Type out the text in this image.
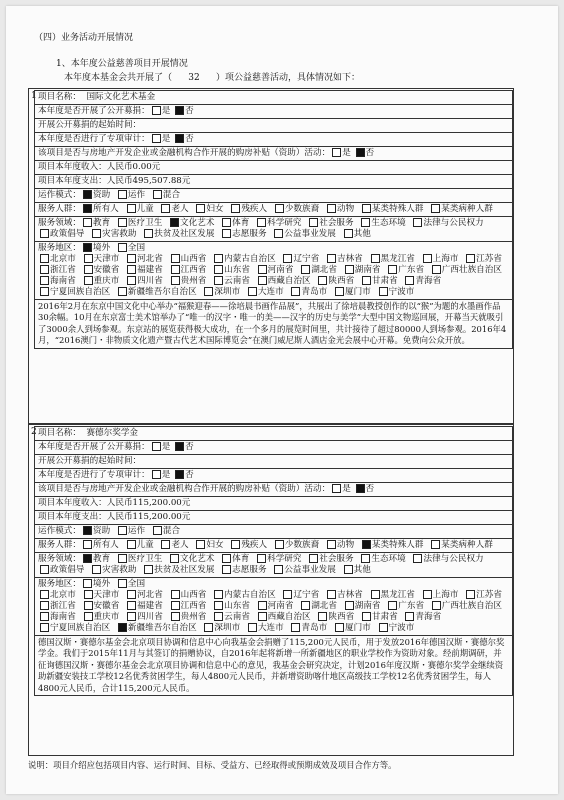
（四）业务活动开展情况
1、本年度公益慈善项目开展情况
本年度本基金会共开展了（ 32 ）项公益慈善活动，具体情况如下：
1 项目名称： 国际文化艺术基金
本年度是否开展了公开募捐： 是 否
开展公开募捐的起始时间：
本年度是否进行了专项审计： 是 否
该项目是否与房地产开发企业或金融机构合作开展的购房补贴（资助）活动： 是 否
项目本年度收入：人民币0.00元
项目本年度支出：人民币495,507.88元
运作模式： 资助 运作 混合
服务人群： 所有人 儿童 老人 妇女 残疾人 少数族裔 动物 某类特殊人群 某类病种人群
服务领域： 教育 医疗卫生 文化艺术 体育 科学研究 社会服务 生态环境 法律与公民权力 政策倡导 灾害救助 扶贫及社区发展 志愿服务 公益事业发展 其他
服务地区： 境外 全国
北京市 天津市 河北省 山西省 内蒙古自治区 辽宁省 吉林省 黑龙江省 上海市 江苏省 浙江省 安徽省 福建省 江西省 山东省 河南省 湖北省 湖南省 广东省 广西壮族自治区 海南省 重庆市 四川省 贵州省 云南省 西藏自治区 陕西省 甘肃省 青海省 宁夏回族自治区 新疆维吾尔自治区 深圳市 大连市 青岛市 厦门市 宁波市
2016年2月在东京中国文化中心举办“福猴迎春——徐培晨书画作品展”，共展出了徐培晨教授创作的以“猴”为题的水墨画作品30余幅。10月在东京富士美术馆举办了“唯一的汉字・唯一的美——汉字的历史与美学”大型中国文物巡回展，开幕当天就吸引了3000余人到场参观。东京站的展览获得极大成功，在一个多月的展览时间里，共计接待了超过80000人到场参观。2016年4月，“2016澳门・非物质文化遗产暨古代艺术国际博览会”在澳门威尼斯人酒店金光会展中心开幕。免费向公众开放。
2 项目名称： 赛德尔奖学金
本年度是否开展了公开募捐： 是 否
开展公开募捐的起始时间：
本年度是否进行了专项审计： 是 否
该项目是否与房地产开发企业或金融机构合作开展的购房补贴（资助）活动： 是 否
项目本年度收入：人民币115,200.00元
项目本年度支出：人民币115,200.00元
运作模式： 资助 运作 混合
服务人群： 所有人 儿童 老人 妇女 残疾人 少数族裔 动物 某类特殊人群 某类病种人群
服务领域： 教育 医疗卫生 文化艺术 体育 科学研究 社会服务 生态环境 法律与公民权力 政策倡导 灾害救助 扶贫及社区发展 志愿服务 公益事业发展 其他
服务地区： 境外 全国
北京市 天津市 河北省 山西省 内蒙古自治区 辽宁省 吉林省 黑龙江省 上海市 江苏省 浙江省 安徽省 福建省 江西省 山东省 河南省 湖北省 湖南省 广东省 广西壮族自治区 海南省 重庆市 四川省 贵州省 云南省 西藏自治区 陕西省 甘肃省 青海省 宁夏回族自治区 新疆维吾尔自治区 深圳市 大连市 青岛市 厦门市 宁波市
德国汉斯・赛德尔基金会北京项目协调和信息中心向我基金会捐赠了115,200元人民币，用于发放2016年德国汉斯・赛德尔奖学金。我们于2015年11月与其签订的捐赠协议，自2016年起将新增一所新疆地区的职业学校作为资助对象。经前期调研，并征询德国汉斯・赛德尔基金会北京项目协调和信息中心的意见，我基金会研究决定，计划2016年度汉斯・赛德尔奖学金继续资助新疆安装技工学校12名优秀贫困学生，每人4800元人民币，并新增资助喀什地区高级技工学校12名优秀贫困学生，每人4800元人民币，合计115,200元人民币。
说明：项目介绍应包括项目内容、运行时间、目标、受益方、已经取得或预期成效及项目合作方等。
